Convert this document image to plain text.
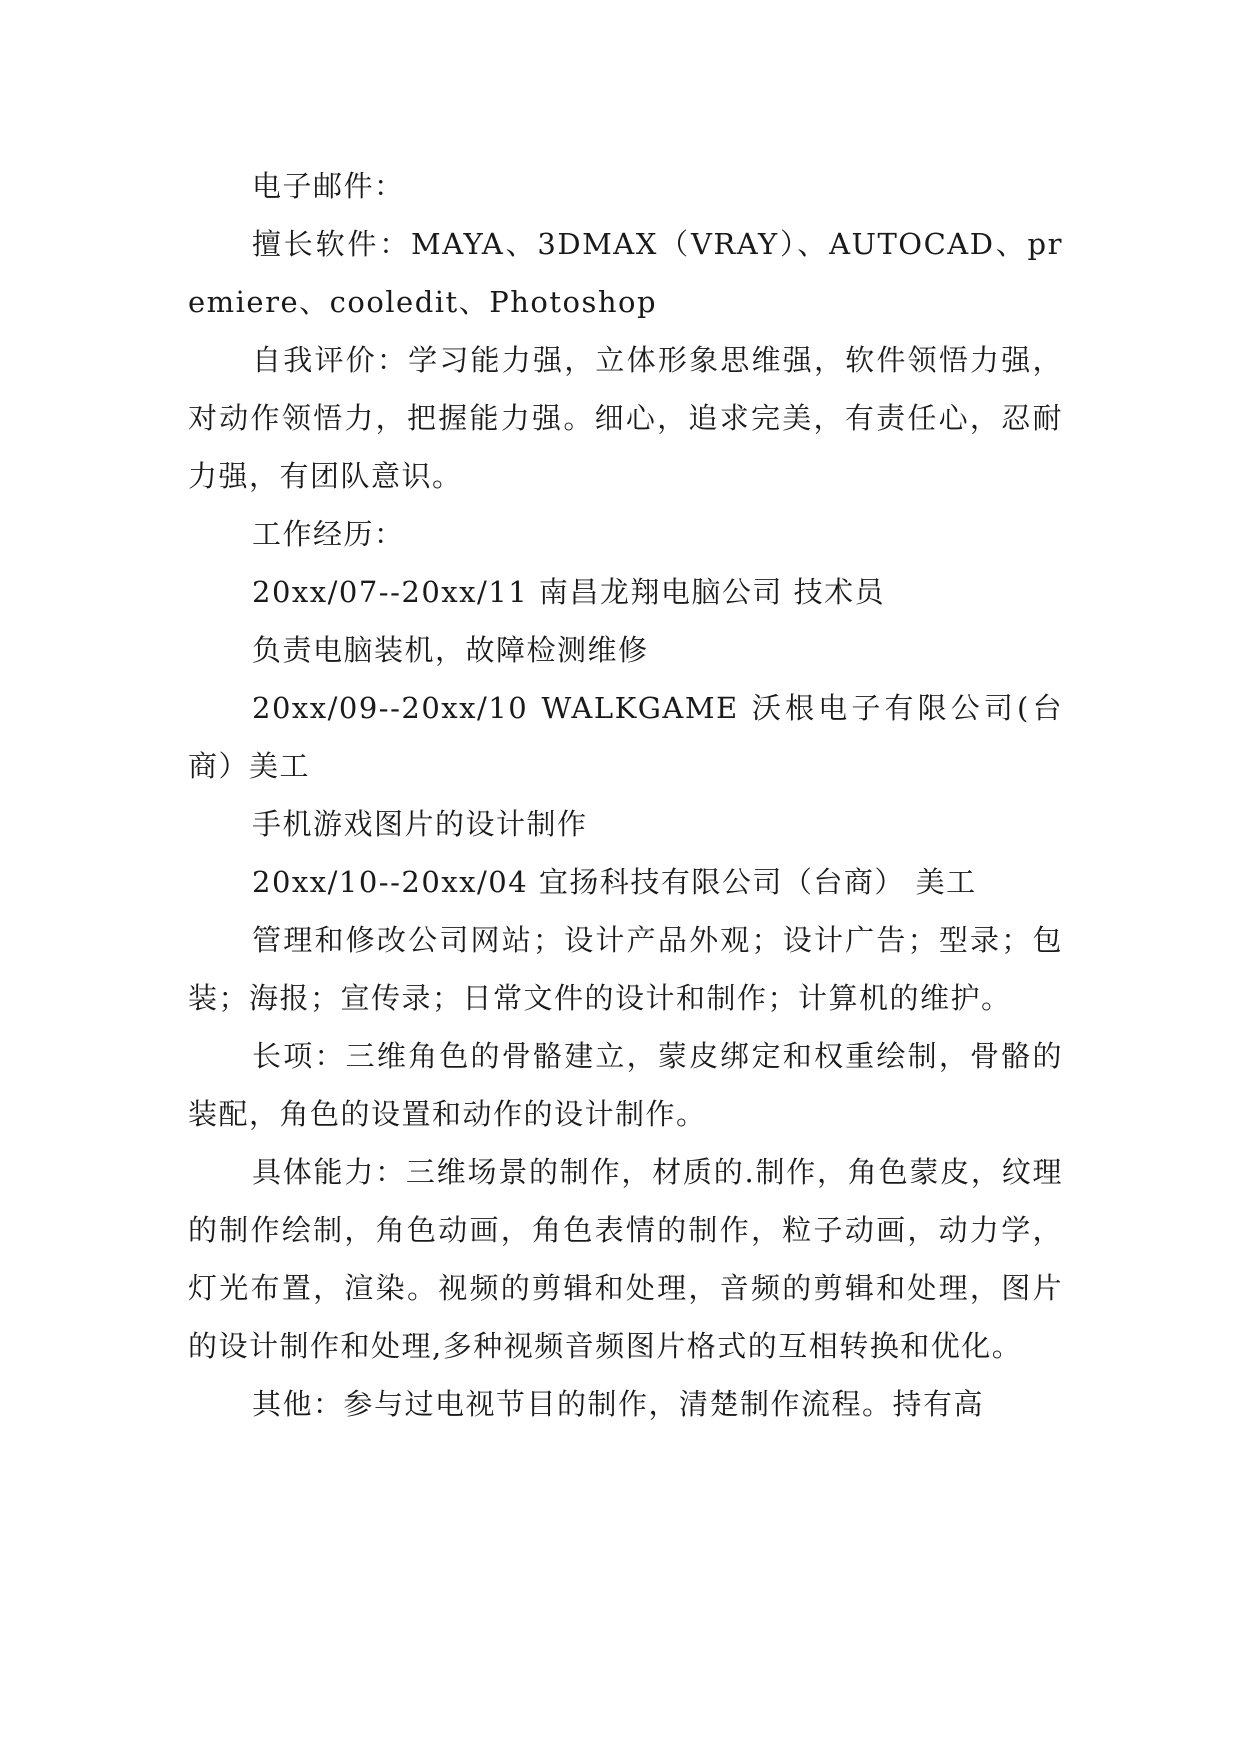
电子邮件：

擅长软件：MAYA、3DMAX（VRAY）、AUTOCAD、premiere、cooledit、Photoshop

自我评价：学习能力强，立体形象思维强，软件领悟力强，对动作领悟力，把握能力强。细心，追求完美，有责任心，忍耐力强，有团队意识。

工作经历：

20xx/07--20xx/11 南昌龙翔电脑公司 技术员

负责电脑装机，故障检测维修

20xx/09--20xx/10 WALKGAME 沃根电子有限公司(台商）美工

手机游戏图片的设计制作

20xx/10--20xx/04 宜扬科技有限公司（台商） 美工

管理和修改公司网站；设计产品外观；设计广告；型录；包装；海报；宣传录；日常文件的设计和制作；计算机的维护。

长项：三维角色的骨骼建立，蒙皮绑定和权重绘制，骨骼的装配，角色的设置和动作的设计制作。

具体能力：三维场景的制作，材质的.制作，角色蒙皮，纹理的制作绘制，角色动画，角色表情的制作，粒子动画，动力学，灯光布置，渲染。视频的剪辑和处理，音频的剪辑和处理，图片的设计制作和处理,多种视频音频图片格式的互相转换和优化。

其他：参与过电视节目的制作，清楚制作流程。持有高
